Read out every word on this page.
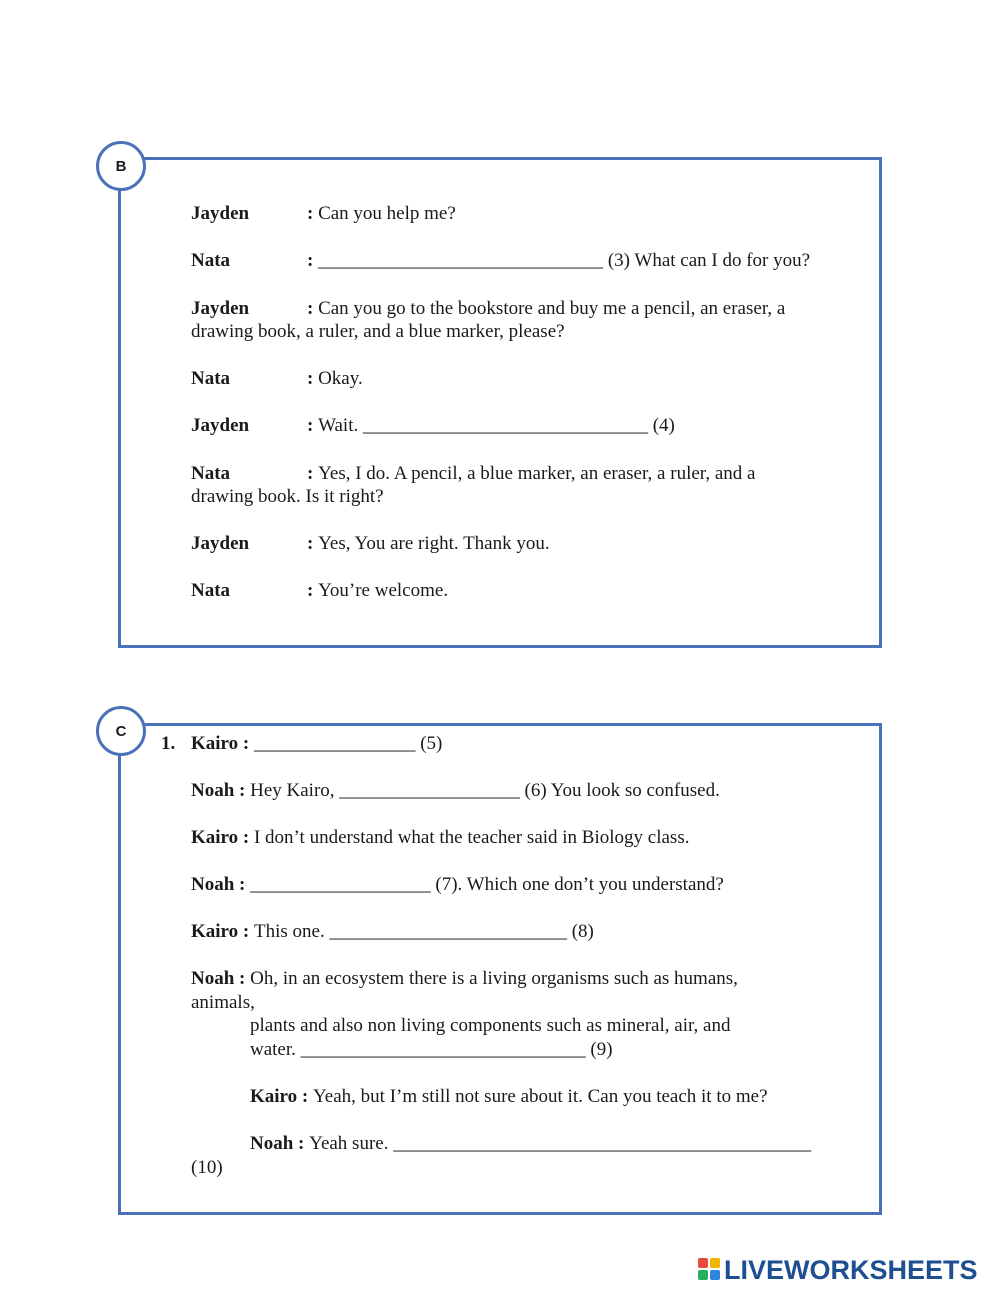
B
Jayden	: Can you help me?
Nata	: ______________________________ (3) What can I do for you?
Jayden	: Can you go to the bookstore and buy me a pencil, an eraser, a
drawing book, a ruler, and a blue marker, please?
Nata	: Okay.
Jayden	: Wait. ______________________________ (4)
Nata	: Yes, I do. A pencil, a blue marker, an eraser, a ruler, and a
drawing book. Is it right?
Jayden	: Yes, You are right. Thank you.
Nata	: You’re welcome.
C
1. Kairo : _________________ (5)
Noah : Hey Kairo, ___________________ (6) You look so confused.
Kairo : I don’t understand what the teacher said in Biology class.
Noah : ___________________ (7). Which one don’t you understand?
Kairo : This one. _________________________ (8)
Noah : Oh, in an ecosystem there is a living organisms such as humans,
animals,
plants and also non living components such as mineral, air, and
water. ______________________________ (9)
Kairo : Yeah, but I’m still not sure about it. Can you teach it to me?
Noah : Yeah sure. ____________________________________________
(10)
LIVEWORKSHEETS
